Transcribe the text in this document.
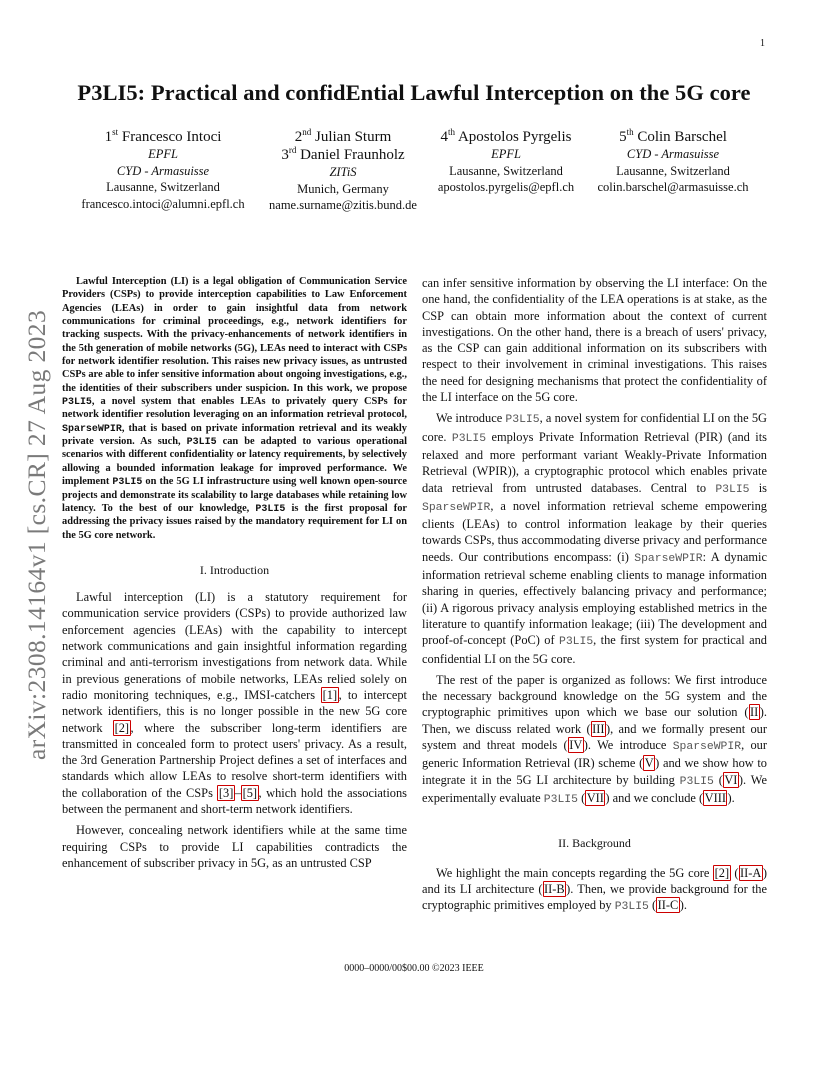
1
P3LI5: Practical and confidEntial Lawful Interception on the 5G core
1st Francesco Intoci
EPFL
CYD - Armasuisse
Lausanne, Switzerland
francesco.intoci@alumni.epfl.ch
2nd Julian Sturm
3rd Daniel Fraunholz
ZITiS
Munich, Germany
name.surname@zitis.bund.de
4th Apostolos Pyrgelis
EPFL
Lausanne, Switzerland
apostolos.pyrgelis@epfl.ch
5th Colin Barschel
CYD - Armasuisse
Lausanne, Switzerland
colin.barschel@armasuisse.ch
arXiv:2308.14164v1 [cs.CR] 27 Aug 2023

Lawful Interception (LI) is a legal obligation of Communication Service Providers (CSPs) to provide interception capabilities to Law Enforcement Agencies (LEAs) in order to gain insightful data from network communications for criminal proceedings, e.g., network identifiers for tracking suspects. With the privacy-enhancements of network identifiers in the 5th generation of mobile networks (5G), LEAs need to interact with CSPs for network identifier resolution. This raises new privacy issues, as untrusted CSPs are able to infer sensitive information about ongoing investigations, e.g., the identities of their subscribers under suspicion. In this work, we propose P3LI5, a novel system that enables LEAs to privately query CSPs for network identifier resolution leveraging on an information retrieval protocol, SparseWPIR, that is based on private information retrieval and its weakly private version. As such, P3LI5 can be adapted to various operational scenarios with different confidentiality or latency requirements, by selectively allowing a bounded information leakage for improved performance. We implement P3LI5 on the 5G LI infrastructure using well known open-source projects and demonstrate its scalability to large databases while retaining low latency. To the best of our knowledge, P3LI5 is the first proposal for addressing the privacy issues raised by the mandatory requirement for LI on the 5G core network.

I. Introduction

Lawful interception (LI) is a statutory requirement for communication service providers (CSPs) to provide authorized law enforcement agencies (LEAs) with the capability to intercept network communications and gain insightful information regarding criminal and anti-terrorism investigations from network data. While in previous generations of mobile networks, LEAs relied solely on radio monitoring techniques, e.g., IMSI-catchers [1] , to intercept network identifiers, this is no longer possible in the new 5G core network [2] , where the subscriber long-term identifiers are transmitted in concealed form to protect users' privacy. As a result, the 3rd Generation Partnership Project defines a set of interfaces and standards which allow LEAs to resolve short-term identifiers with the collaboration of the CSPs [3] – [5] , which hold the associations between the permanent and short-term network identifiers.

However, concealing network identifiers while at the same time requiring CSPs to provide LI capabilities contradicts the enhancement of subscriber privacy in 5G, as an untrusted CSP

can infer sensitive information by observing the LI interface: On the one hand, the confidentiality of the LEA operations is at stake, as the CSP can obtain more information about the context of current investigations. On the other hand, there is a breach of users' privacy, as the CSP can gain additional information on its subscribers with respect to their involvement in criminal investigations. This raises the need for designing mechanisms that protect the confidentiality of the LI interface on the 5G core.

We introduce P3LI5, a novel system for confidential LI on the 5G core. P3LI5 employs Private Information Retrieval (PIR) (and its relaxed and more performant variant Weakly-Private Information Retrieval (WPIR)), a cryptographic protocol which enables private data retrieval from untrusted databases. Central to P3LI5 is SparseWPIR, a novel information retrieval scheme empowering clients (LEAs) to control information leakage by their queries towards CSPs, thus accommodating diverse privacy and performance needs. Our contributions encompass: (i) SparseWPIR: A dynamic information retrieval scheme enabling clients to manage information sharing in queries, effectively balancing privacy and performance; (ii) A rigorous privacy analysis employing established metrics in the literature to quantify information leakage; (iii) The development and proof-of-concept (PoC) of P3LI5, the first system for practical and confidential LI on the 5G core.

The rest of the paper is organized as follows: We first introduce the necessary background knowledge on the 5G system and the cryptographic primitives upon which we base our solution ( II ). Then, we discuss related work ( III ), and we formally present our system and threat models ( IV ). We introduce SparseWPIR, our generic Information Retrieval (IR) scheme ( V ) and we show how to integrate it in the 5G LI architecture by building P3LI5 ( VI ). We experimentally evaluate P3LI5 ( VII ) and we conclude ( VIII ).

II. Background

We highlight the main concepts regarding the 5G core [2] ( II-A ) and its LI architecture ( II-B ). Then, we provide background for the cryptographic primitives employed by P3LI5 ( II-C ).

0000–0000/00$00.00 ©2023 IEEE
